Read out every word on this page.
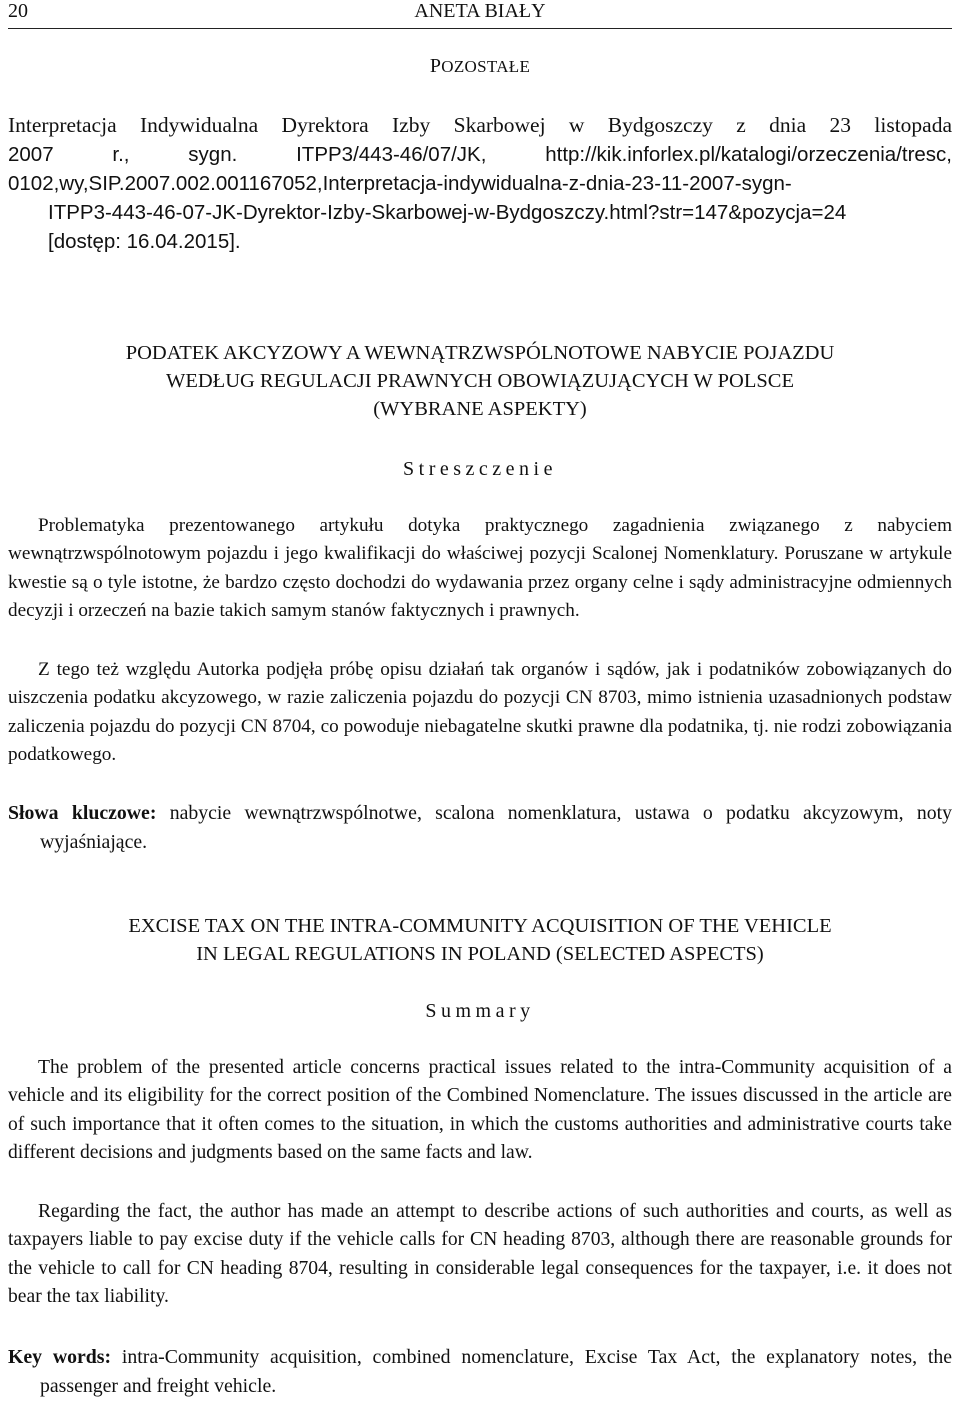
20	ANETA BIAŁY
POZOSTAŁE
Interpretacja Indywidualna Dyrektora Izby Skarbowej w Bydgoszczy z dnia 23 listopada
2007 r., sygn. ITPP3/443-46/07/JK, http://kik.inforlex.pl/katalogi/orzeczenia/tresc,
0102,wy,SIP.2007.002.001167052,Interpretacja-indywidualna-z-dnia-23-11-2007-sygn-
ITPP3-443-46-07-JK-Dyrektor-Izby-Skarbowej-w-Bydgoszczy.html?str=147&pozycja=24
[dostęp: 16.04.2015].
PODATEK AKCYZOWY A WEWNĄTRZWSPÓLNOTOWE NABYCIE POJAZDU
WEDŁUG REGULACJI PRAWNYCH OBOWIĄZUJĄCYCH W POLSCE
(WYBRANE ASPEKTY)
Streszczenie

Problematyka prezentowanego artykułu dotyka praktycznego zagadnienia związanego z nabyciem wewnątrzwspólnotowym pojazdu i jego kwalifikacji do właściwej pozycji Scalonej Nomenklatury. Poruszane w artykule kwestie są o tyle istotne, że bardzo często dochodzi do wydawania przez organy celne i sądy administracyjne odmiennych decyzji i orzeczeń na bazie takich samym stanów faktycznych i prawnych.

Z tego też względu Autorka podjęła próbę opisu działań tak organów i sądów, jak i podatników zobowiązanych do uiszczenia podatku akcyzowego, w razie zaliczenia pojazdu do pozycji CN 8703, mimo istnienia uzasadnionych podstaw zaliczenia pojazdu do pozycji CN 8704, co powoduje niebagatelne skutki prawne dla podatnika, tj. nie rodzi zobowiązania podatkowego.

Słowa kluczowe: nabycie wewnątrzwspólnotwe, scalona nomenklatura, ustawa o podatku akcyzowym, noty wyjaśniające.

EXCISE TAX ON THE INTRA-COMMUNITY ACQUISITION OF THE VEHICLE
IN LEGAL REGULATIONS IN POLAND (SELECTED ASPECTS)
Summary

The problem of the presented article concerns practical issues related to the intra-Community acquisition of a vehicle and its eligibility for the correct position of the Combined Nomenclature. The issues discussed in the article are of such importance that it often comes to the situation, in which the customs authorities and administrative courts take different decisions and judgments based on the same facts and law.

Regarding the fact, the author has made an attempt to describe actions of such authorities and courts, as well as taxpayers liable to pay excise duty if the vehicle calls for CN heading 8703, although there are reasonable grounds for the vehicle to call for CN heading 8704, resulting in considerable legal consequences for the taxpayer, i.e. it does not bear the tax liability.

Key words: intra-Community acquisition, combined nomenclature, Excise Tax Act, the explanatory notes, the passenger and freight vehicle.
